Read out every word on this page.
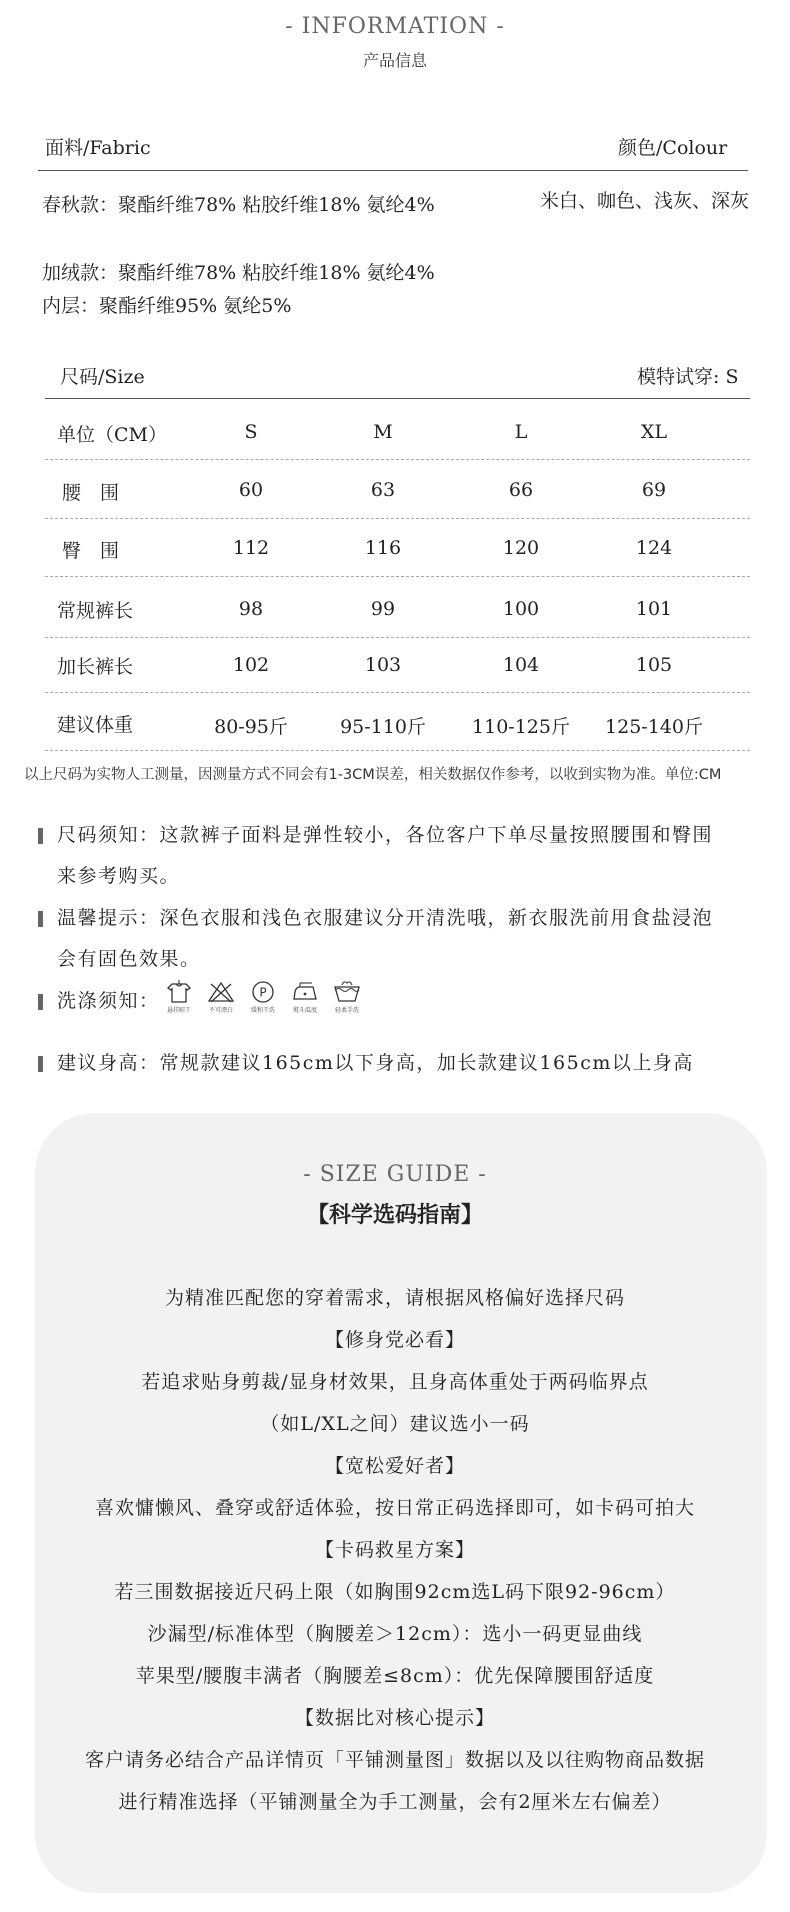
- INFORMATION -
产品信息
面料/Fabric	颜色/Colour
春秋款：聚酯纤维78% 粘胶纤维18% 氨纶4%	米白、咖色、浅灰、深灰
加绒款：聚酯纤维78% 粘胶纤维18% 氨纶4%
内层：聚酯纤维95% 氨纶5%
尺码/Size	模特试穿: S
单位（CM）	S	M	L	XL
腰　围	60	63	66	69
臀　围	112	116	120	124
常规裤长	98	99	100	101
加长裤长	102	103	104	105
建议体重	80-95斤	95-110斤	110-125斤	125-140斤
以上尺码为实物人工测量，因测量方式不同会有1-3CM误差，相关数据仅作参考，以收到实物为准。单位:CM
尺码须知：这款裤子面料是弹性较小，各位客户下单尽量按照腰围和臀围
来参考购买。
温馨提示：深色衣服和浅色衣服建议分开清洗哦，新衣服洗前用食盐浸泡
会有固色效果。
洗涤须知：	悬挂晾干	不可漂白
P
缓和干洗	熨斗温度	轻柔手洗
建议身高：常规款建议165cm以下身高，加长款建议165cm以上身高
- SIZE GUIDE -
【科学选码指南】
为精准匹配您的穿着需求，请根据风格偏好选择尺码
【修身党必看】
若追求贴身剪裁/显身材效果，且身高体重处于两码临界点
（如L/XL之间）建议选小一码
【宽松爱好者】
喜欢慵懒风、叠穿或舒适体验，按日常正码选择即可，如卡码可拍大
【卡码救星方案】
若三围数据接近尺码上限（如胸围92cm选L码下限92-96cm）
沙漏型/标准体型（胸腰差＞12cm）：选小一码更显曲线
苹果型/腰腹丰满者（胸腰差≤8cm）：优先保障腰围舒适度
【数据比对核心提示】
客户请务必结合产品详情页「平铺测量图」数据以及以往购物商品数据
进行精准选择（平铺测量全为手工测量，会有2厘米左右偏差）
